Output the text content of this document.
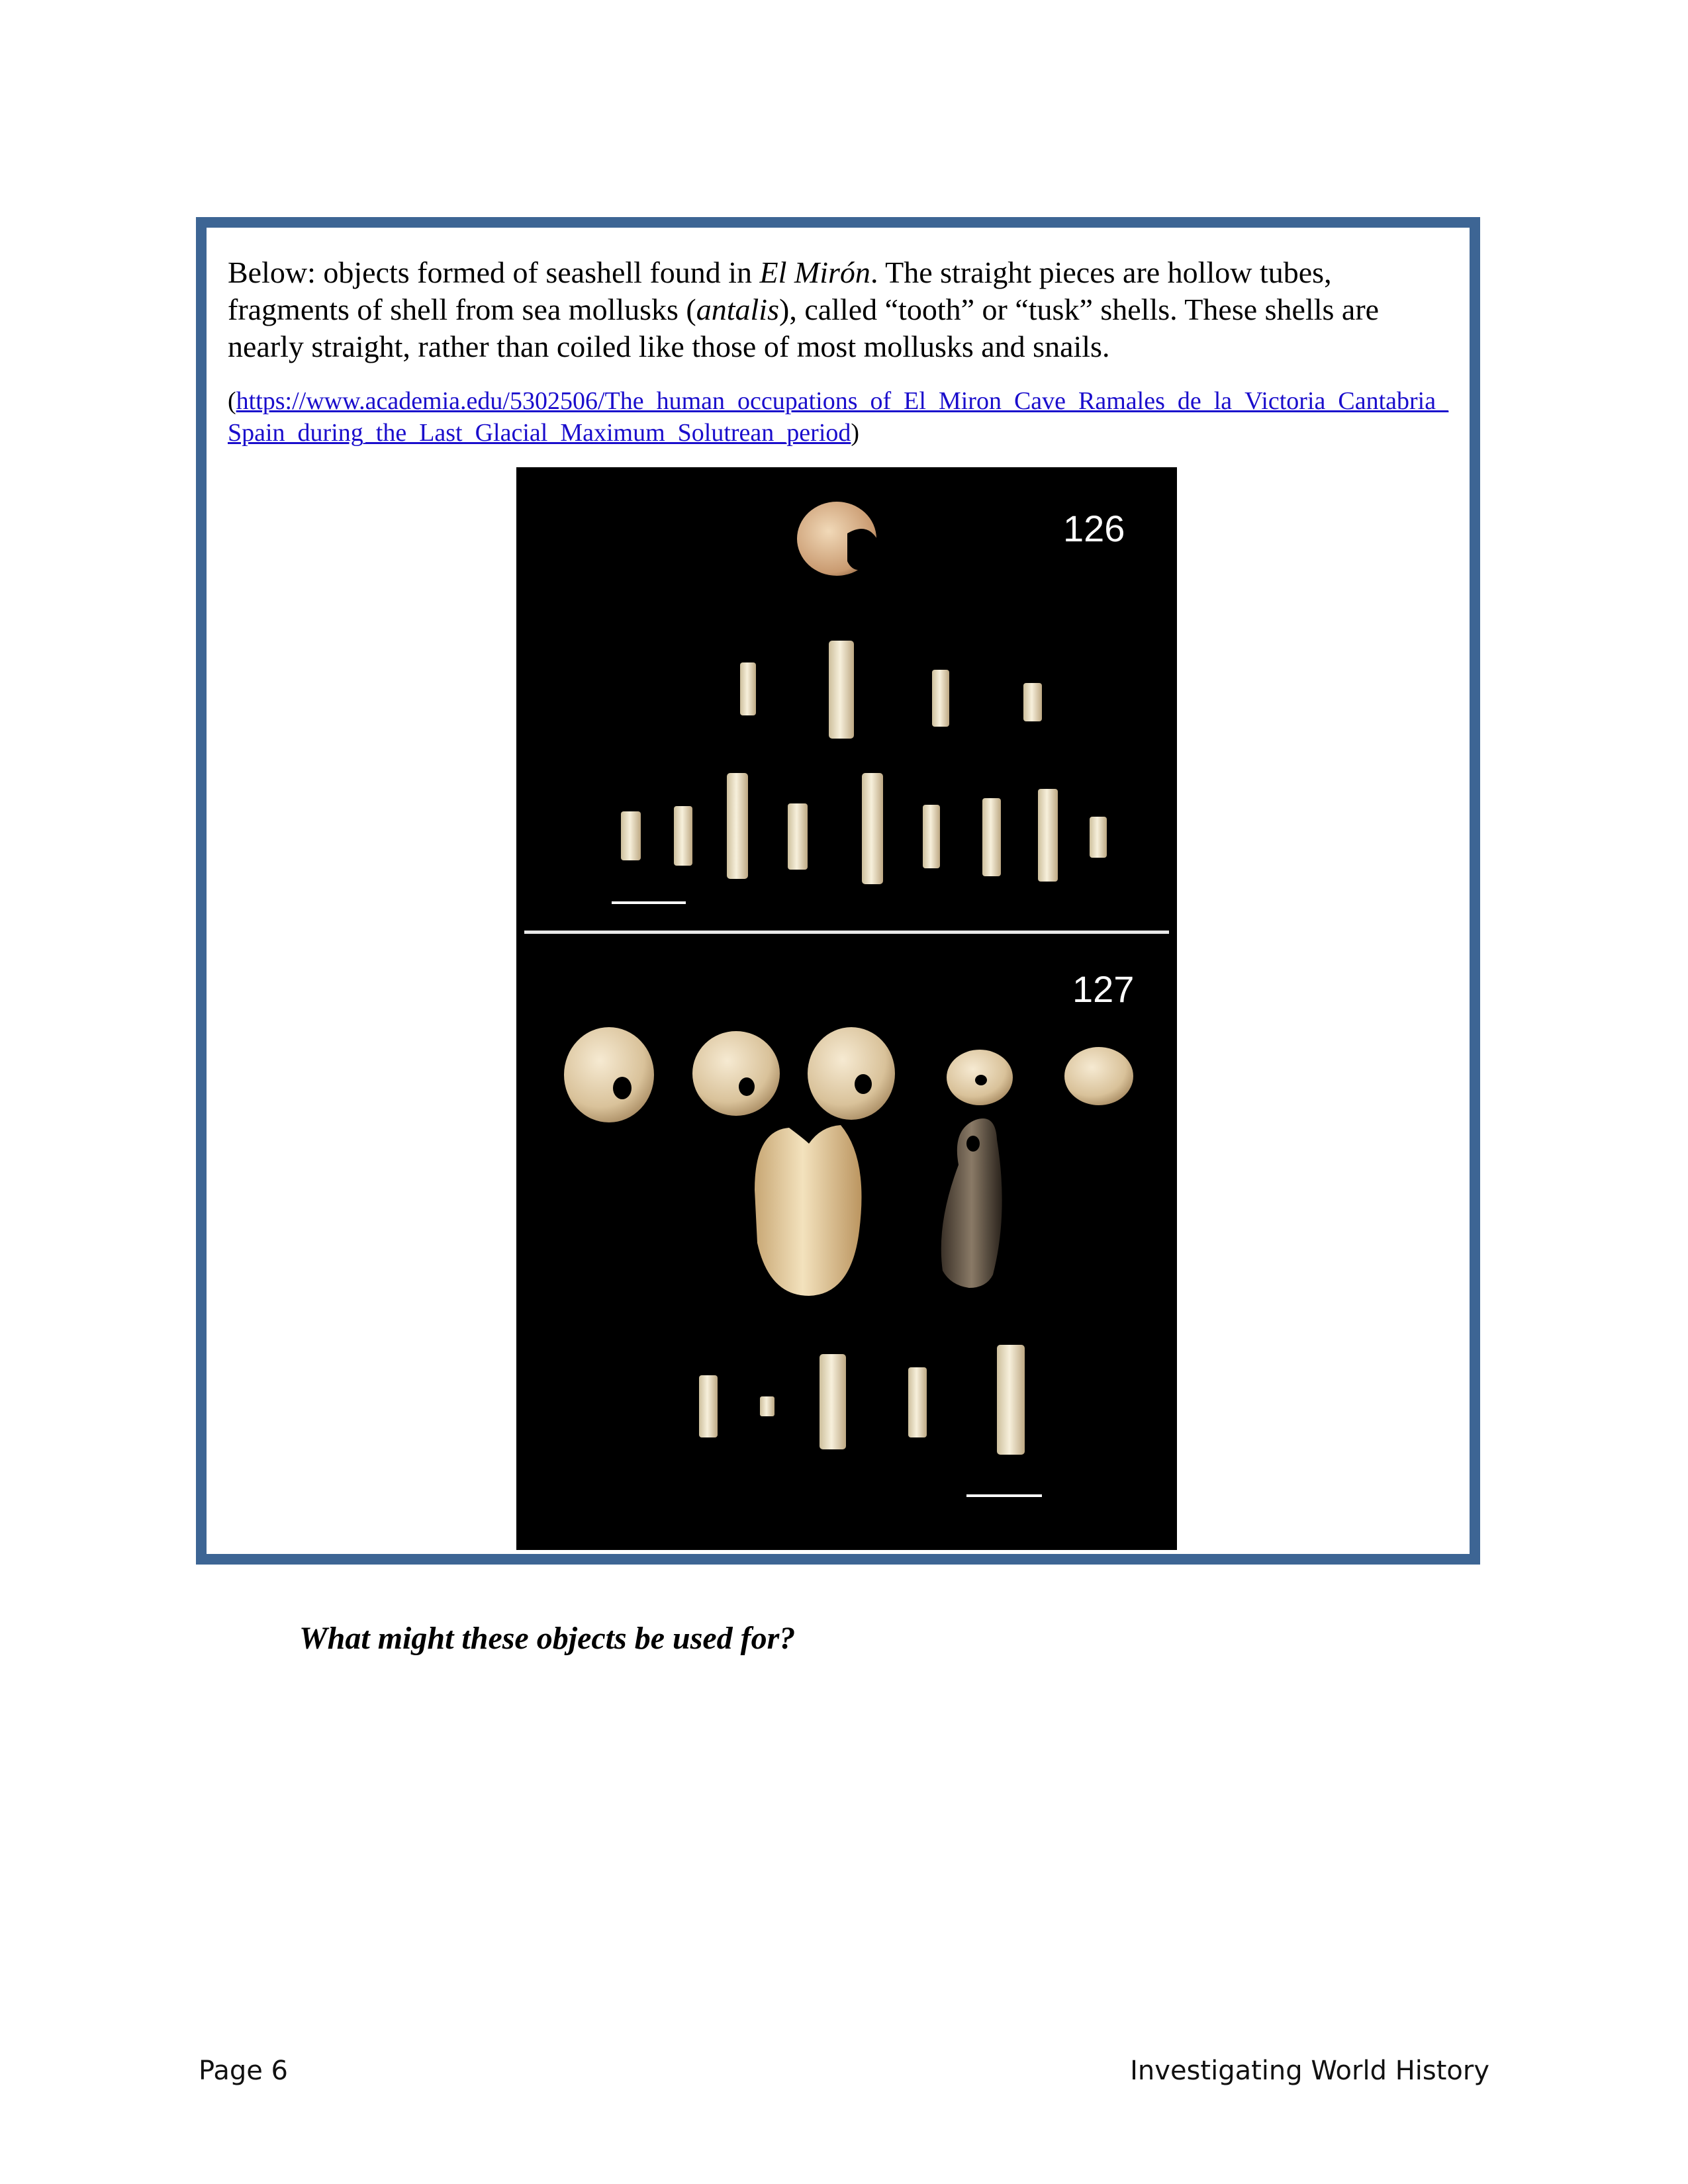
Below: objects formed of seashell found in El Mirón. The straight pieces are hollow tubes, fragments of shell from sea mollusks (antalis), called “tooth” or “tusk” shells. These shells are nearly straight, rather than coiled like those of most mollusks and snails.

(https://www.academia.edu/5302506/The_human_occupations_of_El_Miron_Cave_Ramales_de_la_Victoria_Cantabria_Spain_during_the_Last_Glacial_Maximum_Solutrean_period)

126
127
What might these objects be used for?
Page 6	Investigating World History
